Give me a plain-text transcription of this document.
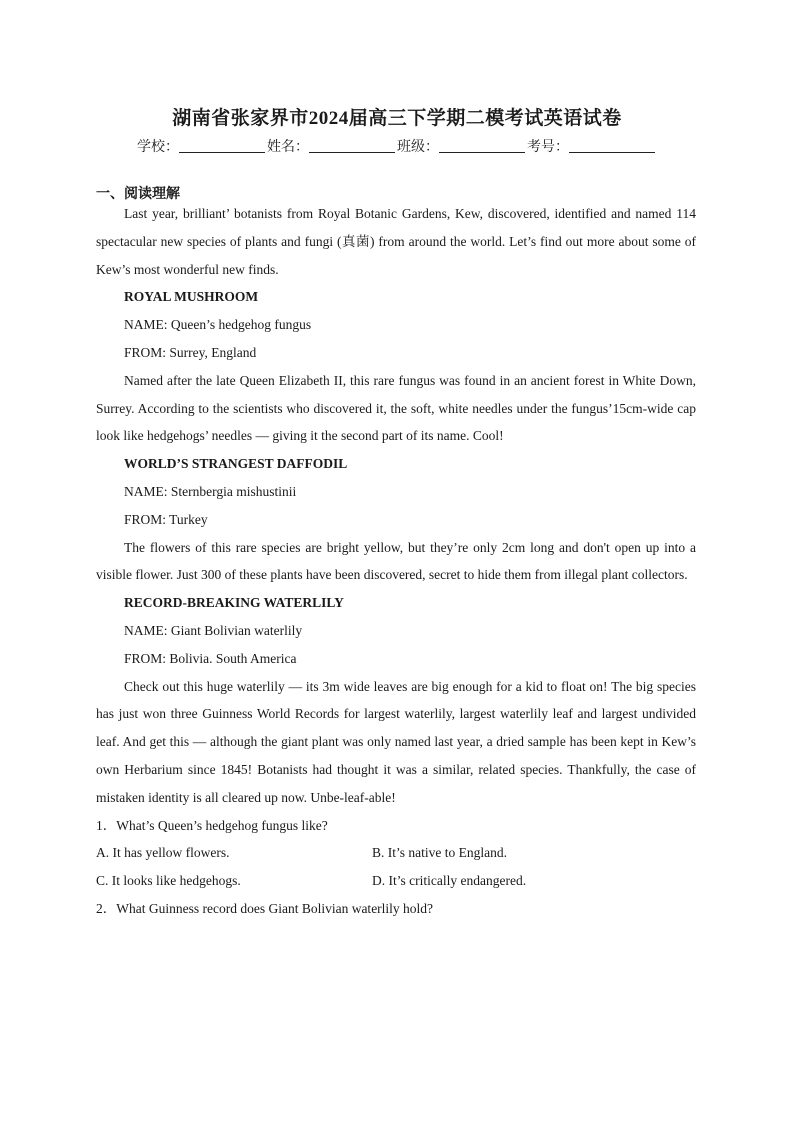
湖南省张家界市2024届高三下学期二模考试英语试卷
学校：	姓名：	班级：	考号：
一、阅读理解

Last year, brilliant’ botanists from Royal Botanic Gardens, Kew, discovered, identified and named 114 spectacular new species of plants and fungi (真菌) from around the world. Let’s find out more about some of Kew’s most wonderful new finds.

ROYAL MUSHROOM

NAME: Queen’s hedgehog fungus

FROM: Surrey, England

Named after the late Queen Elizabeth II, this rare fungus was found in an ancient forest in White Down, Surrey. According to the scientists who discovered it, the soft, white needles under the fungus’15cm-wide cap look like hedgehogs’ needles — giving it the second part of its name. Cool!

WORLD’S STRANGEST DAFFODIL

NAME: Sternbergia mishustinii

FROM: Turkey

The flowers of this rare species are bright yellow, but they’re only 2cm long and don't open up into a visible flower. Just 300 of these plants have been discovered, secret to hide them from illegal plant collectors.

RECORD-BREAKING WATERLILY

NAME: Giant Bolivian waterlily

FROM: Bolivia. South America

Check out this huge waterlily — its 3m wide leaves are big enough for a kid to float on! The big species has just won three Guinness World Records for largest waterlily, largest waterlily leaf and largest undivided leaf. And get this — although the giant plant was only named last year, a dried sample has been kept in Kew’s own Herbarium since 1845! Botanists had thought it was a similar, related species. Thankfully, the case of mistaken identity is all cleared up now. Unbe-leaf-able!

1．What’s Queen’s hedgehog fungus like?

A. It has yellow flowers.	B. It’s native to England.
C. It looks like hedgehogs.	D. It’s critically endangered.

2．What Guinness record does Giant Bolivian waterlily hold?
